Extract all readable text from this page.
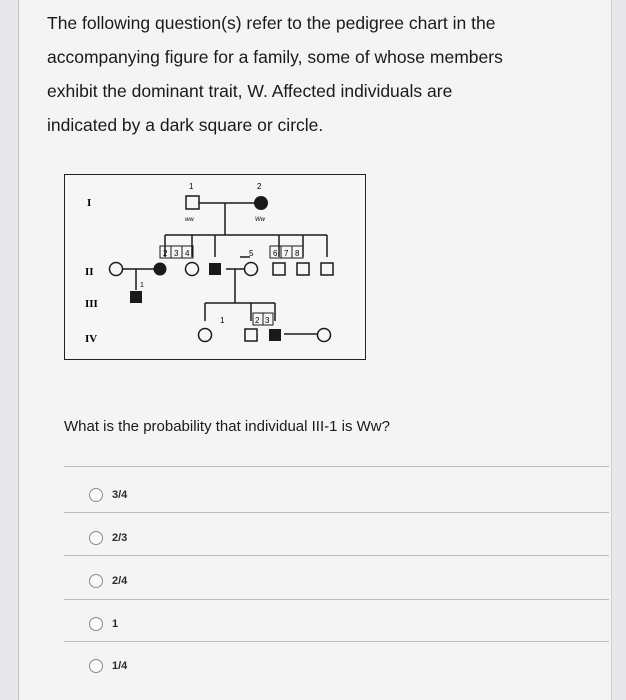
The following question(s) refer to the pedigree chart in the
accompanying figure for a family, some of whose members
exhibit the dominant trait, W. Affected individuals are
indicated by a dark square or circle.
I
II
III
IV
1	2
ww	Ww
2 3 4	5 6 7 8
1
1	2 3
What is the probability that individual III-1 is Ww?
3/4
2/3
2/4
1
1/4
